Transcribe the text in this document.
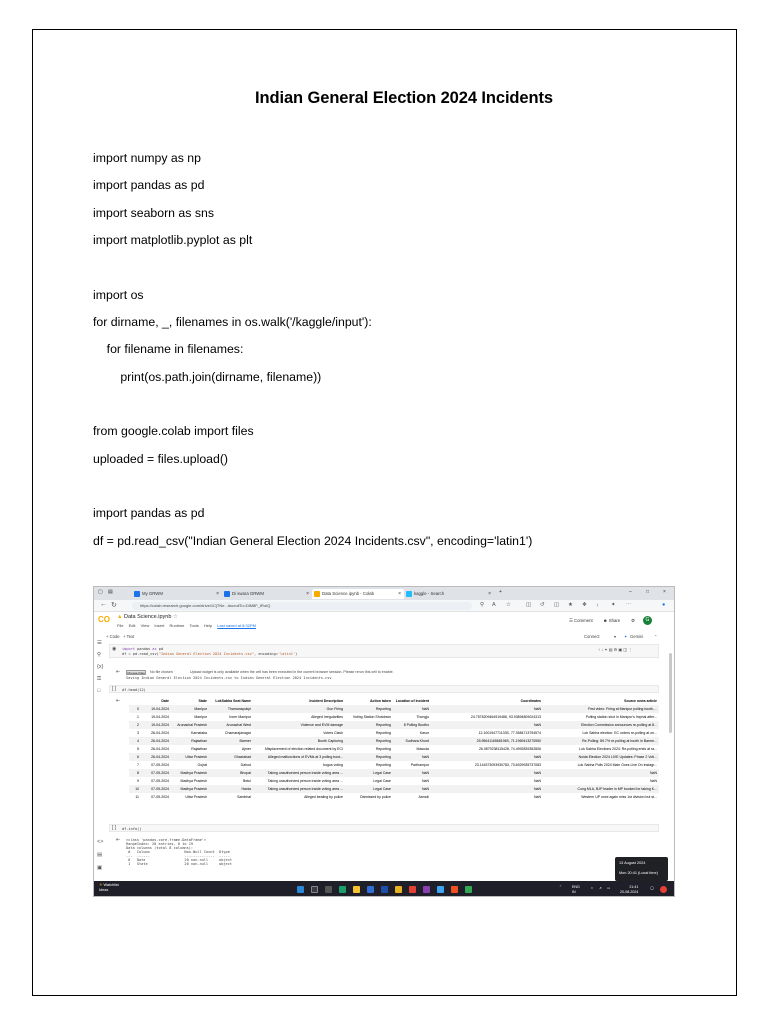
Indian General Election 2024 Incidents
import numpy as np
import pandas as pd
import seaborn as sns
import matplotlib.pyplot as plt
import os
for dirname, _, filenames in os.walk('/kaggle/input'):
for filename in filenames:
print(os.path.join(dirname, filename))
from google.colab import files
uploaded = files.upload()
import pandas as pd
df = pd.read_csv("Indian General Election 2024 Incidents.csv", encoding='latin1')
▢ ▤	My GRWM	×	Di swara GRWM	×	Data Science.ipynb - Colab	×	kaggle - Search	× +	–	□	×
← ↻	https://colab.research.google.com/drive/1CjTNe...#scrollTo=DlM8F_tRoIQ	⚲ A ☆	◫ ↺ ◫ ★ ❖ ↓ ✦ ⋯	●
CO ▲ Data Science.ipynb ☆
File Edit View Insert Runtime Tools Help Last saved at 8:32PM
☰ Comment ☻ Share	⚙	G
+ Code + Text	Connect	▾ ✦ Gemini	⌃
☰
⚲
{x}
⚿
□
<>
▤
▣
◉ import pandas as pd
df = pd.read_csv("Indian General Election 2024 Incidents.csv", encoding='latin1')
↑ ↓ ⚭ ▤ ⚙ ▣ ◫ ⋮
⇤	Choose Files	No file chosen	Upload widget is only available when the cell has been executed in the current browser session. Please rerun this cell to enable.
Saving Indian General Election 2024 Incidents.csv to Indian General Election 2024 Incidents.csv
[ ] df.head(12)
⇤	Date	State	LokSabha Seat Name	Incident Description	Action taken	Location of Incident	Coordinates	Source news article
0	19-04-2024	Manipur	Thamanapokpi	Gun Firing	Reporting	NaN	NaN	First video: Firing at Manipur polling booth,...
1	19-04-2024	Manipur	Inner Manipur	Alleged Irregularities	Voting Station Shutdown	Thongju	24.7578209464919486, 93.93894809024313	Polling station shut in Manipur's Imphal after...
2	19-04-2024	Arunachal Pradesh	Arunachal West	Violence and EVM damage	Reporting	8 Polling Booths	NaN	Election Commission announces re-polling at 8...
3	26-04-2024	Karnataka	Chamarajanagar	Voters Clash	Reporting	Kasur	12.100194771133S, 77.3584713794574	Lok Sabha election: EC orders re-polling at on...
4	26-04-2024	Rajasthan	Barmer	Booth Capturing	Reporting	Sudhara Khurd	25.9564116568196S, 71.1969413270550	Re-Polling: 89.7% re-polling at booth in Barme...
5	26-04-2024	Rajasthan	Ajmer	Misplacement of election related document by ECI	Reporting	Masuda	26.0879238115428, 74.4992839352806	Lok Sabha Elections 2024: Re-polling ends at ra...
6	26-04-2024	Uttar Pradesh	Ghaziabad	Alleged malfunctions of EVMs at 3 polling boot...	Reporting	NaN	NaN	Noida Election 2024 LIVE Updates: Phase 2 Voti...
7	07-05-2024	Gujrat	Dahod	bogus voting	Reporting	Parthampur	23.144373093930783, 73.6929935737083	Lok Sabha Polls 2024 Main Goes Live On Instagr...
8	07-05-2024	Madhya Pradesh	Bhopal	Taking unauthorized person inside voting area ...	Legal Case	NaN	NaN	NaN
9	07-05-2024	Madhya Pradesh	Betul	Taking unauthorized person inside voting area ...	Legal Case	NaN	NaN	NaN
10	07-05-2024	Madhya Pradesh	Harda	Taking unauthorized person inside voting area ...	Legal Case	NaN	NaN	Cong MLA, BJP leader in MP booked for taking K...
11	07-05-2024	Uttar Pradesh	Sambhal	Alleged beating by police	Dismissed by police	Asmoli	NaN	Western UP once again miss 1st division but st...
[ ] df.info()
⇤ <class 'pandas.core.frame.DataFrame'>
RangeIndex: 20 entries, 0 to 19
Data columns (total 8 columns):
#   Column                Non-Null Count  Dtype
---  ------                --------------  -----
0   Date                  20 non-null     object
1   State                 20 non-null     object	13 August 2024
Mon 20:41 (Local time)
☀ Watchlist
Ideas
⌃	ENG
IN
≈ ♬ ▭	21:41
20-08-2024
◯
